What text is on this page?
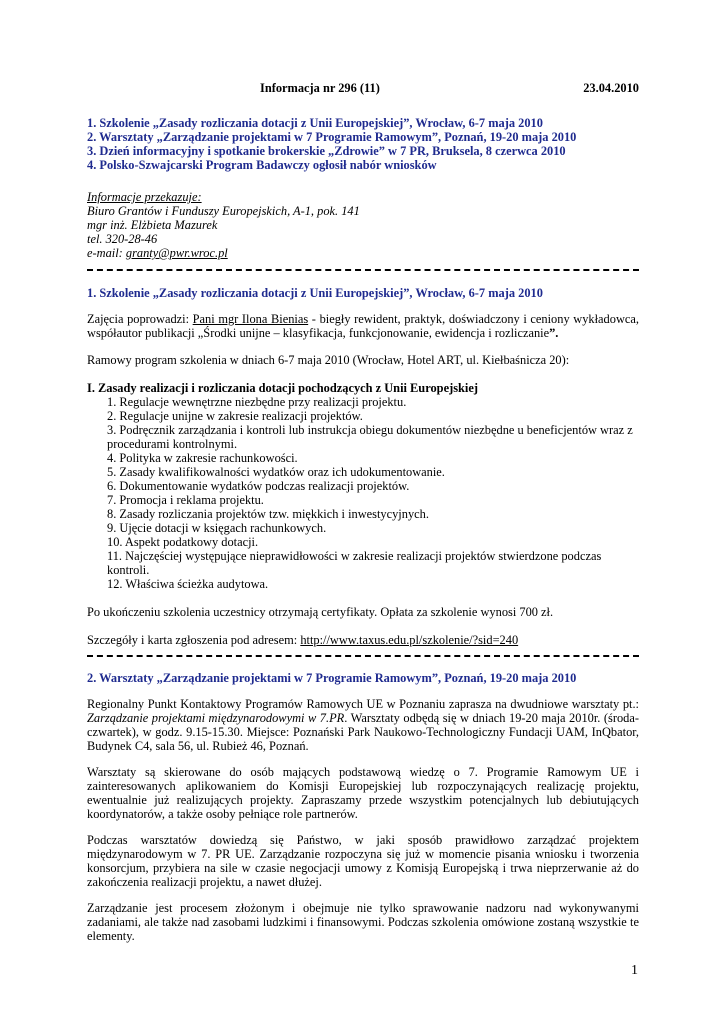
Informacja nr 296 (11)	23.04.2010
1. Szkolenie „Zasady rozliczania dotacji z Unii Europejskiej”, Wrocław, 6-7 maja 2010
2. Warsztaty „Zarządzanie projektami w 7 Programie Ramowym”, Poznań, 19-20 maja 2010
3. Dzień informacyjny i spotkanie brokerskie „Zdrowie” w 7 PR, Bruksela, 8 czerwca 2010
4. Polsko-Szwajcarski Program Badawczy ogłosił nabór wniosków
Informacje przekazuje:
Biuro Grantów i Funduszy Europejskich, A-1, pok. 141
mgr inż. Elżbieta Mazurek
tel. 320-28-46
e-mail: granty@pwr.wroc.pl
1. Szkolenie „Zasady rozliczania dotacji z Unii Europejskiej”, Wrocław, 6-7 maja 2010

Zajęcia poprowadzi: Pani mgr Ilona Bienias - biegły rewident, praktyk, doświadczony i ceniony wykładowca, współautor publikacji „Środki unijne – klasyfikacja, funkcjonowanie, ewidencja i rozliczanie”.

Ramowy program szkolenia w dniach 6-7 maja 2010 (Wrocław, Hotel ART, ul. Kiełbaśnicza 20):

I. Zasady realizacji i rozliczania dotacji pochodzących z Unii Europejskiej

1. Regulacje wewnętrzne niezbędne przy realizacji projektu.
2. Regulacje unijne w zakresie realizacji projektów.
3. Podręcznik zarządzania i kontroli lub instrukcja obiegu dokumentów niezbędne u beneficjentów wraz z procedurami kontrolnymi.
4. Polityka w zakresie rachunkowości.
5. Zasady kwalifikowalności wydatków oraz ich udokumentowanie.
6. Dokumentowanie wydatków podczas realizacji projektów.
7. Promocja i reklama projektu.
8. Zasady rozliczania projektów tzw. miękkich i inwestycyjnych.
9. Ujęcie dotacji w księgach rachunkowych.
10. Aspekt podatkowy dotacji.
11. Najczęściej występujące nieprawidłowości w zakresie realizacji projektów stwierdzone podczas kontroli.
12. Właściwa ścieżka audytowa.

Po ukończeniu szkolenia uczestnicy otrzymają certyfikaty. Opłata za szkolenie wynosi 700 zł.

Szczegóły i karta zgłoszenia pod adresem: http://www.taxus.edu.pl/szkolenie/?sid=240

2. Warsztaty „Zarządzanie projektami w 7 Programie Ramowym”, Poznań, 19-20 maja 2010

Regionalny Punkt Kontaktowy Programów Ramowych UE w Poznaniu zaprasza na dwudniowe warsztaty pt.: Zarządzanie projektami międzynarodowymi w 7.PR. Warsztaty odbędą się w dniach 19-20 maja 2010r. (środa-czwartek), w godz. 9.15-15.30. Miejsce: Poznański Park Naukowo-Technologiczny Fundacji UAM, InQbator, Budynek C4, sala 56, ul. Rubież 46, Poznań.

Warsztaty są skierowane do osób mających podstawową wiedzę o 7. Programie Ramowym UE i zainteresowanych aplikowaniem do Komisji Europejskiej lub rozpoczynających realizację projektu, ewentualnie już realizujących projekty. Zapraszamy przede wszystkim potencjalnych lub debiutujących koordynatorów, a także osoby pełniące role partnerów.

Podczas warsztatów dowiedzą się Państwo, w jaki sposób prawidłowo zarządzać projektem międzynarodowym w 7. PR UE. Zarządzanie rozpoczyna się już w momencie pisania wniosku i tworzenia konsorcjum, przybiera na sile w czasie negocjacji umowy z Komisją Europejską i trwa nieprzerwanie aż do zakończenia realizacji projektu, a nawet dłużej.

Zarządzanie jest procesem złożonym i obejmuje nie tylko sprawowanie nadzoru nad wykonywanymi zadaniami, ale także nad zasobami ludzkimi i finansowymi. Podczas szkolenia omówione zostaną wszystkie te elementy.

1
